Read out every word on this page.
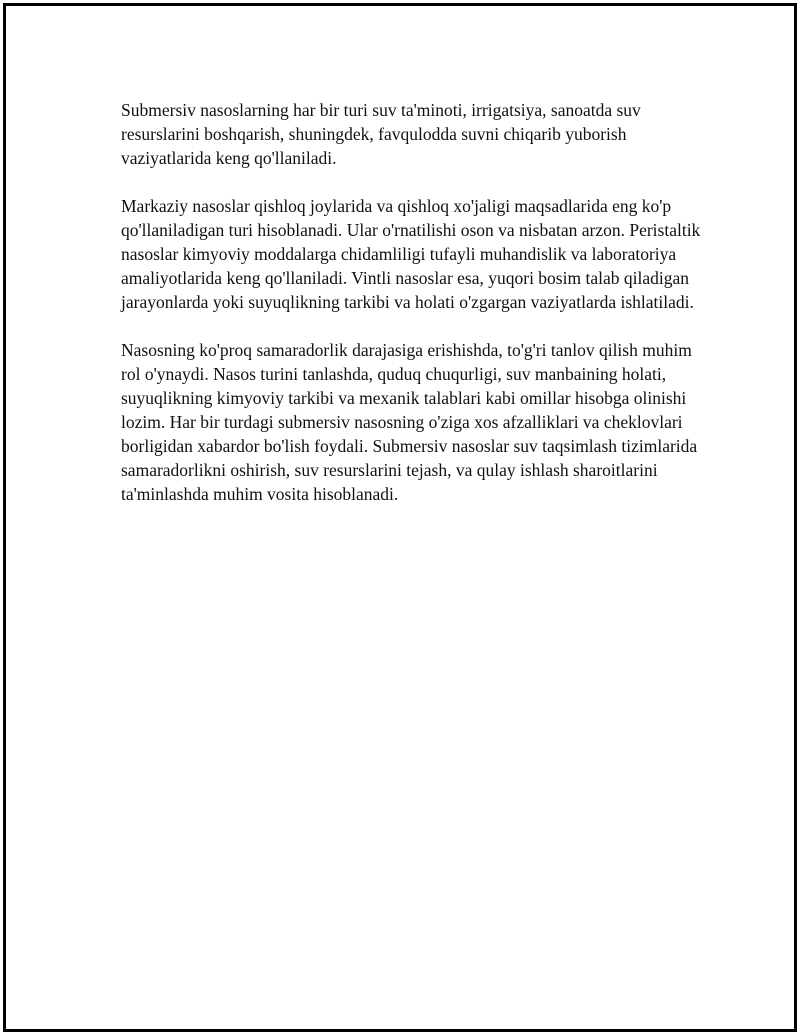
Submersiv nasoslarning har bir turi suv ta'minoti, irrigatsiya, sanoatda suv resurslarini boshqarish, shuningdek, favqulodda suvni chiqarib yuborish vaziyatlarida keng qo'llaniladi.

Markaziy nasoslar qishloq joylarida va qishloq xo'jaligi maqsadlarida eng ko'p qo'llaniladigan turi hisoblanadi. Ular o'rnatilishi oson va nisbatan arzon. Peristaltik nasoslar kimyoviy moddalarga chidamliligi tufayli muhandislik va laboratoriya amaliyotlarida keng qo'llaniladi. Vintli nasoslar esa, yuqori bosim talab qiladigan jarayonlarda yoki suyuqlikning tarkibi va holati o'zgargan vaziyatlarda ishlatiladi.

Nasosning ko'proq samaradorlik darajasiga erishishda, to'g'ri tanlov qilish muhim rol o'ynaydi. Nasos turini tanlashda, quduq chuqurligi, suv manbaining holati, suyuqlikning kimyoviy tarkibi va mexanik talablari kabi omillar hisobga olinishi lozim. Har bir turdagi submersiv nasosning o'ziga xos afzalliklari va cheklovlari borligidan xabardor bo'lish foydali. Submersiv nasoslar suv taqsimlash tizimlarida samaradorlikni oshirish, suv resurslarini tejash, va qulay ishlash sharoitlarini ta'minlashda muhim vosita hisoblanadi.
